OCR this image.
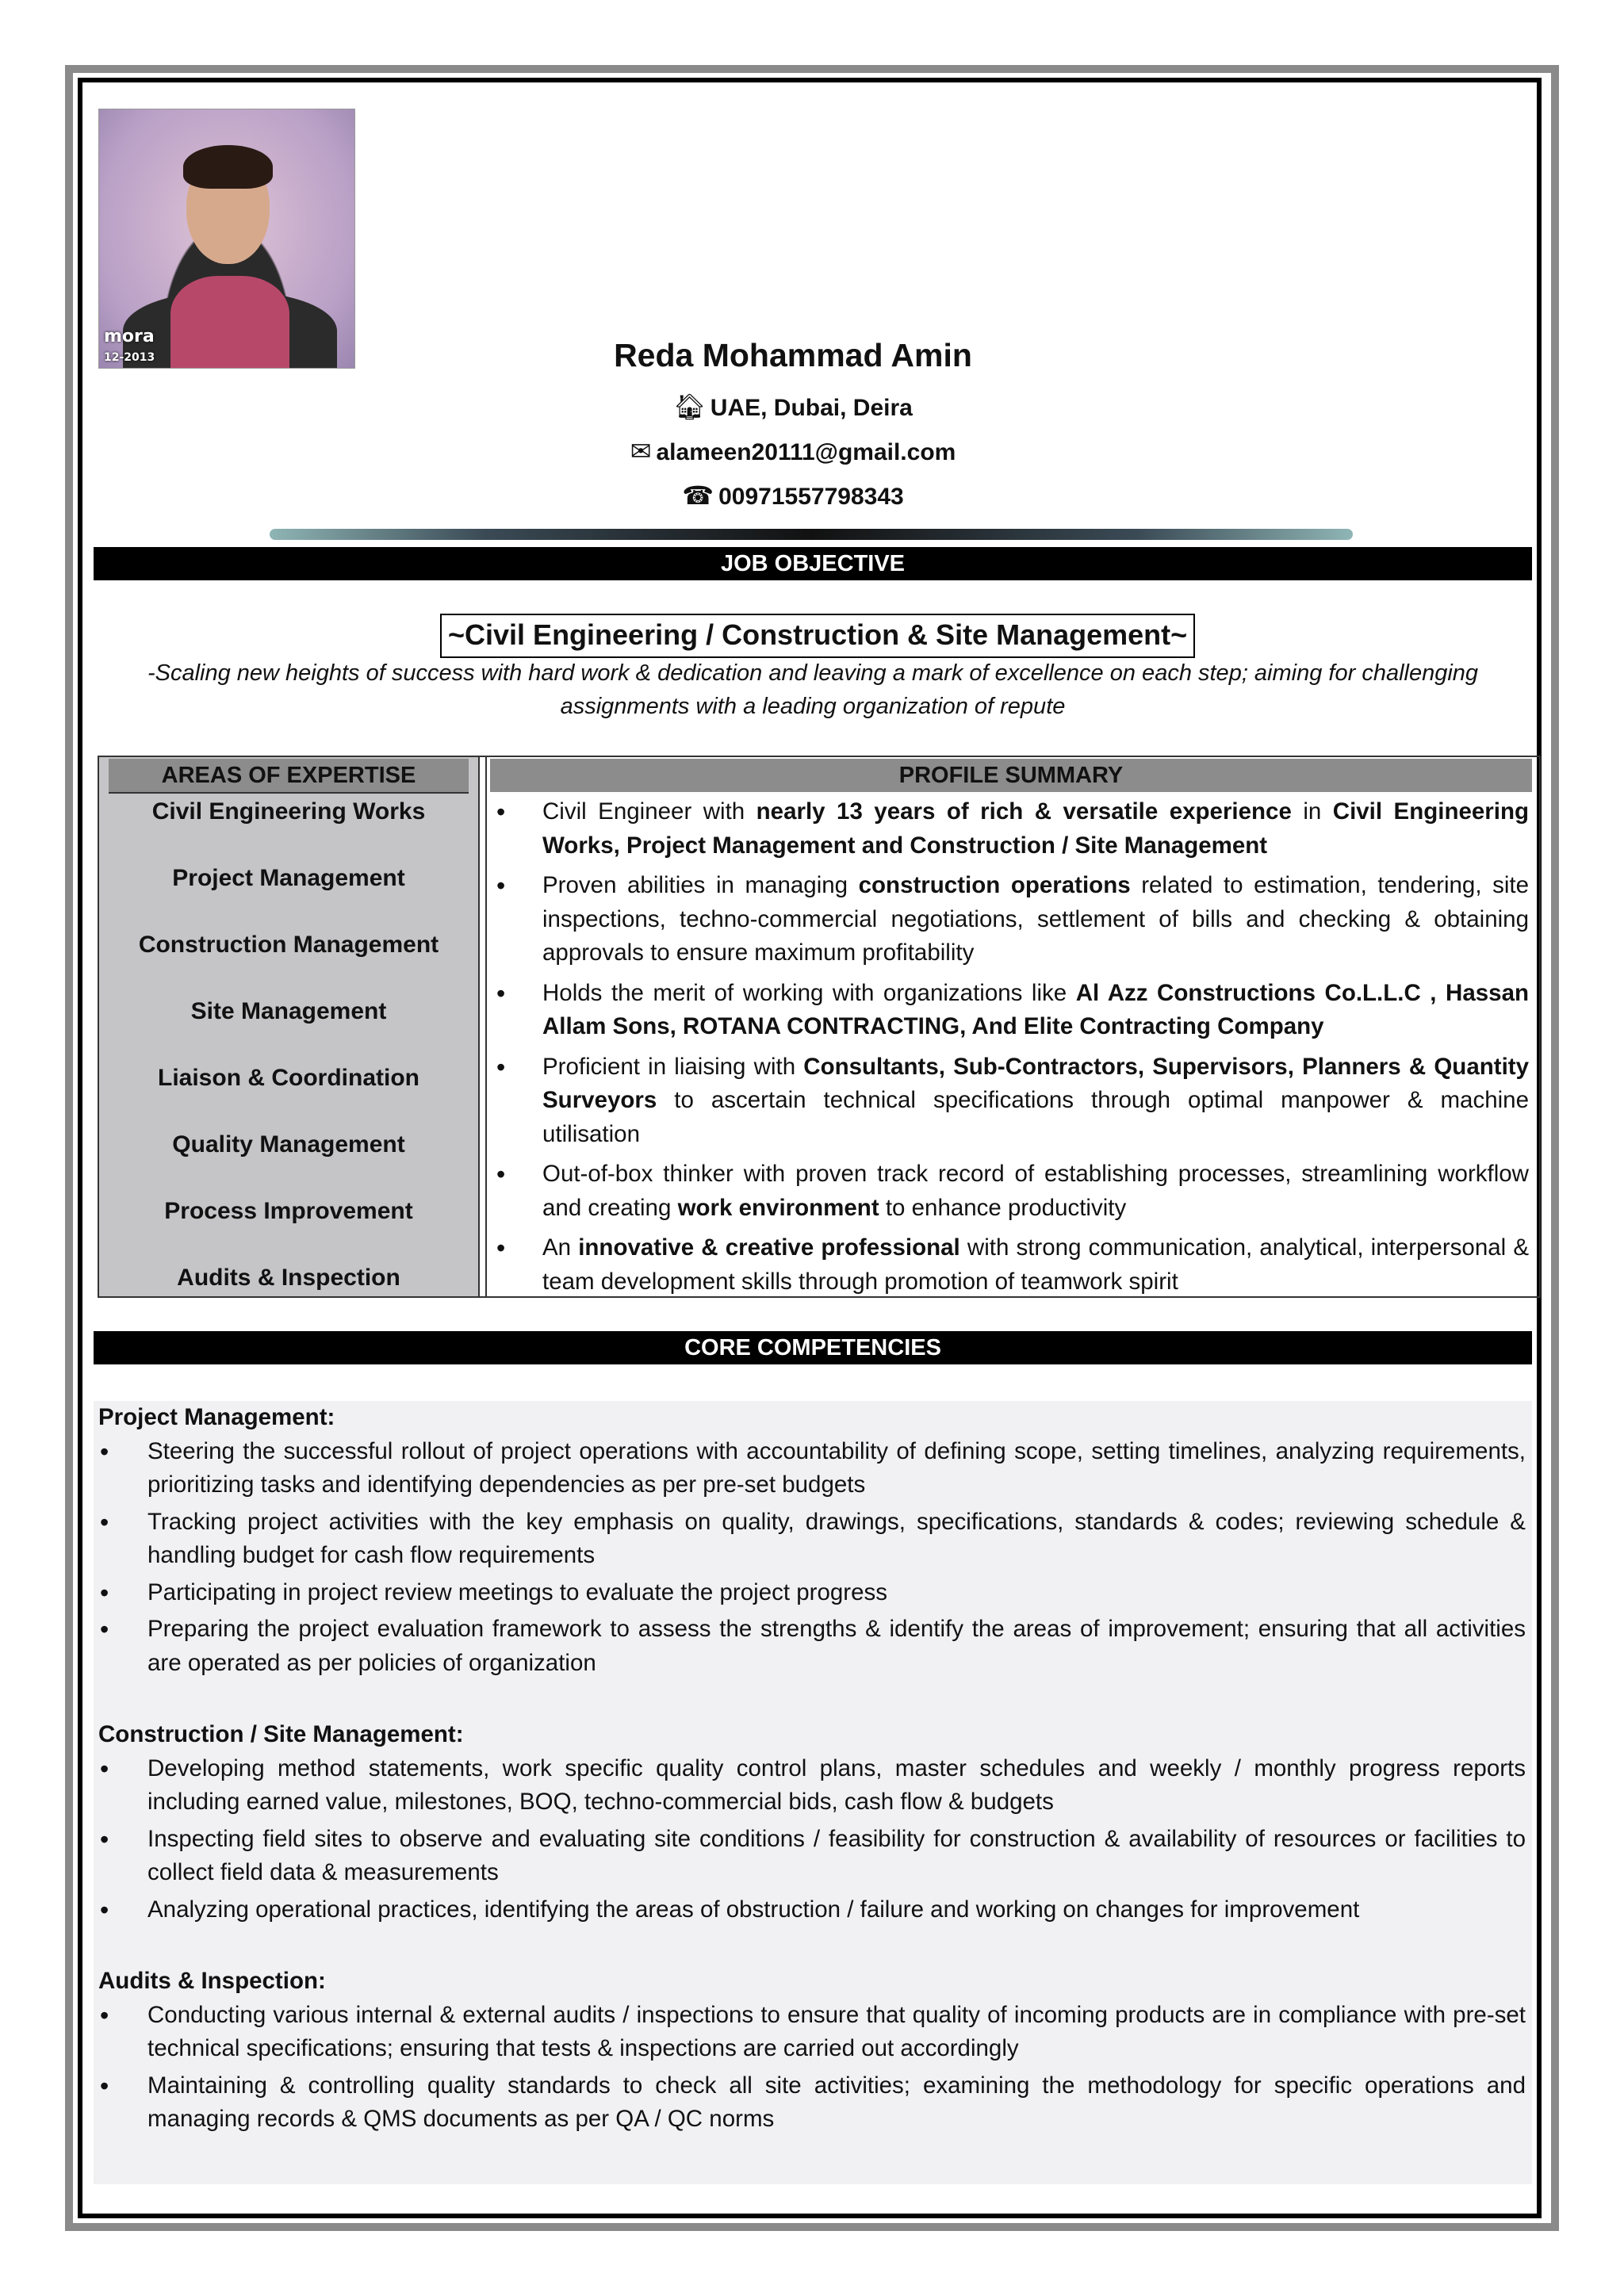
mora
12-2013	Reda Mohammad Amin
🏠︎ UAE, Dubai, Deira
✉︎ alameen20111@gmail.com
☎︎ 00971557798343
JOB OBJECTIVE
~Civil Engineering / Construction & Site Management~
-Scaling new heights of success with hard work & dedication and leaving a mark of excellence on each step; aiming for challenging assignments with a leading organization of repute
AREAS OF EXPERTISE	PROFILE SUMMARY
Civil Engineering Works
Project Management
Construction Management
Site Management
Liaison & Coordination
Quality Management
Process Improvement
Audits & Inspection
• Civil Engineer with nearly 13 years of rich & versatile experience in Civil Engineering Works, Project Management and Construction / Site Management
• Proven abilities in managing construction operations related to estimation, tendering, site inspections, techno-commercial negotiations, settlement of bills and checking & obtaining approvals to ensure maximum profitability
• Holds the merit of working with organizations like Al Azz Constructions Co.L.L.C , Hassan Allam Sons, ROTANA CONTRACTING, And Elite Contracting Company
• Proficient in liaising with Consultants, Sub-Contractors, Supervisors, Planners & Quantity Surveyors to ascertain technical specifications through optimal manpower & machine utilisation
• Out-of-box thinker with proven track record of establishing processes, streamlining workflow and creating work environment to enhance productivity
• An innovative & creative professional with strong communication, analytical, interpersonal & team development skills through promotion of teamwork spirit
CORE COMPETENCIES
Project Management:
• Steering the successful rollout of project operations with accountability of defining scope, setting timelines, analyzing requirements, prioritizing tasks and identifying dependencies as per pre-set budgets
• Tracking project activities with the key emphasis on quality, drawings, specifications, standards & codes; reviewing schedule & handling budget for cash flow requirements
• Participating in project review meetings to evaluate the project progress
• Preparing the project evaluation framework to assess the strengths & identify the areas of improvement; ensuring that all activities are operated as per policies of organization
Construction / Site Management:
• Developing method statements, work specific quality control plans, master schedules and weekly / monthly progress reports including earned value, milestones, BOQ, techno-commercial bids, cash flow & budgets
• Inspecting field sites to observe and evaluating site conditions / feasibility for construction & availability of resources or facilities to collect field data & measurements
• Analyzing operational practices, identifying the areas of obstruction / failure and working on changes for improvement
Audits & Inspection:
• Conducting various internal & external audits / inspections to ensure that quality of incoming products are in compliance with pre-set technical specifications; ensuring that tests & inspections are carried out accordingly
• Maintaining & controlling quality standards to check all site activities; examining the methodology for specific operations and managing records & QMS documents as per QA / QC norms
